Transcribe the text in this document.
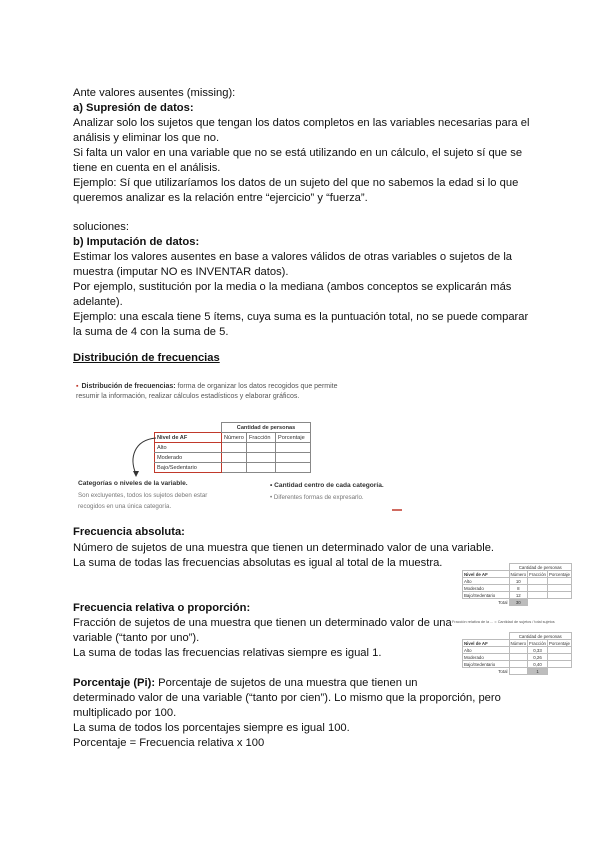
Ante valores ausentes (missing):
a) Supresión de datos:
Analizar solo los sujetos que tengan los datos completos en las variables necesarias para el
análisis y eliminar los que no.
Si falta un valor en una variable que no se está utilizando en un cálculo, el sujeto sí que se
tiene en cuenta en el análisis.
Ejemplo: Sí que utilizaríamos los datos de un sujeto del que no sabemos la edad si lo que
queremos analizar es la relación entre “ejercicio” y “fuerza”.
soluciones:
b) Imputación de datos:
Estimar los valores ausentes en base a valores válidos de otras variables o sujetos de la
muestra (imputar NO es INVENTAR datos).
Por ejemplo, sustitución por la media o la mediana (ambos conceptos se explicarán más
adelante).
Ejemplo: una escala tiene 5 ítems, cuya suma es la puntuación total, no se puede comparar
la suma de 4 con la suma de 5.
Distribución de frecuencias
▪ Distribución de frecuencias: forma de organizar los datos recogidos que permite
resumir la información, realizar cálculos estadísticos y elaborar gráficos.
	Cantidad de personas		
Nivel de AF	Número	Fracción	Porcentaje
Alto			
Moderado			
Bajo/Sedentario			
Categorías o niveles de la variable.
Son excluyentes, todos los sujetos deben estar
recogidos en una única categoría.
• Cantidad centro de cada categoría.
• Diferentes formas de expresarlo.
Frecuencia absoluta:
Número de sujetos de una muestra que tienen un determinado valor de una variable.
La suma de todas las frecuencias absolutas es igual al total de la muestra.
		Cantidad de personas		
Nivel de AF	Número	Fracción	Porcentaje
Alto	10		
Moderado	8		
Bajo/Sedentario	12		
Total	30		
Frecuencia relativa o proporción:
Fracción de sujetos de una muestra que tienen un determinado valor de una
variable (“tanto por uno”).
La suma de todas las frecuencias relativas siempre es igual 1.
Fracción relativa de la ... = Cantidad de sujetos / total sujetos
	Cantidad de personas		
Nivel de AF	Número	Fracción	Porcentaje
Alto		0,33	
Moderado		0,26	
Bajo/Sedentario		0,40	
Total		1	
Porcentaje (Pi): Porcentaje de sujetos de una muestra que tienen un
determinado valor de una variable (“tanto por cien”). Lo mismo que la proporción, pero
multiplicado por 100.
La suma de todos los porcentajes siempre es igual 100.
Porcentaje = Frecuencia relativa x 100
